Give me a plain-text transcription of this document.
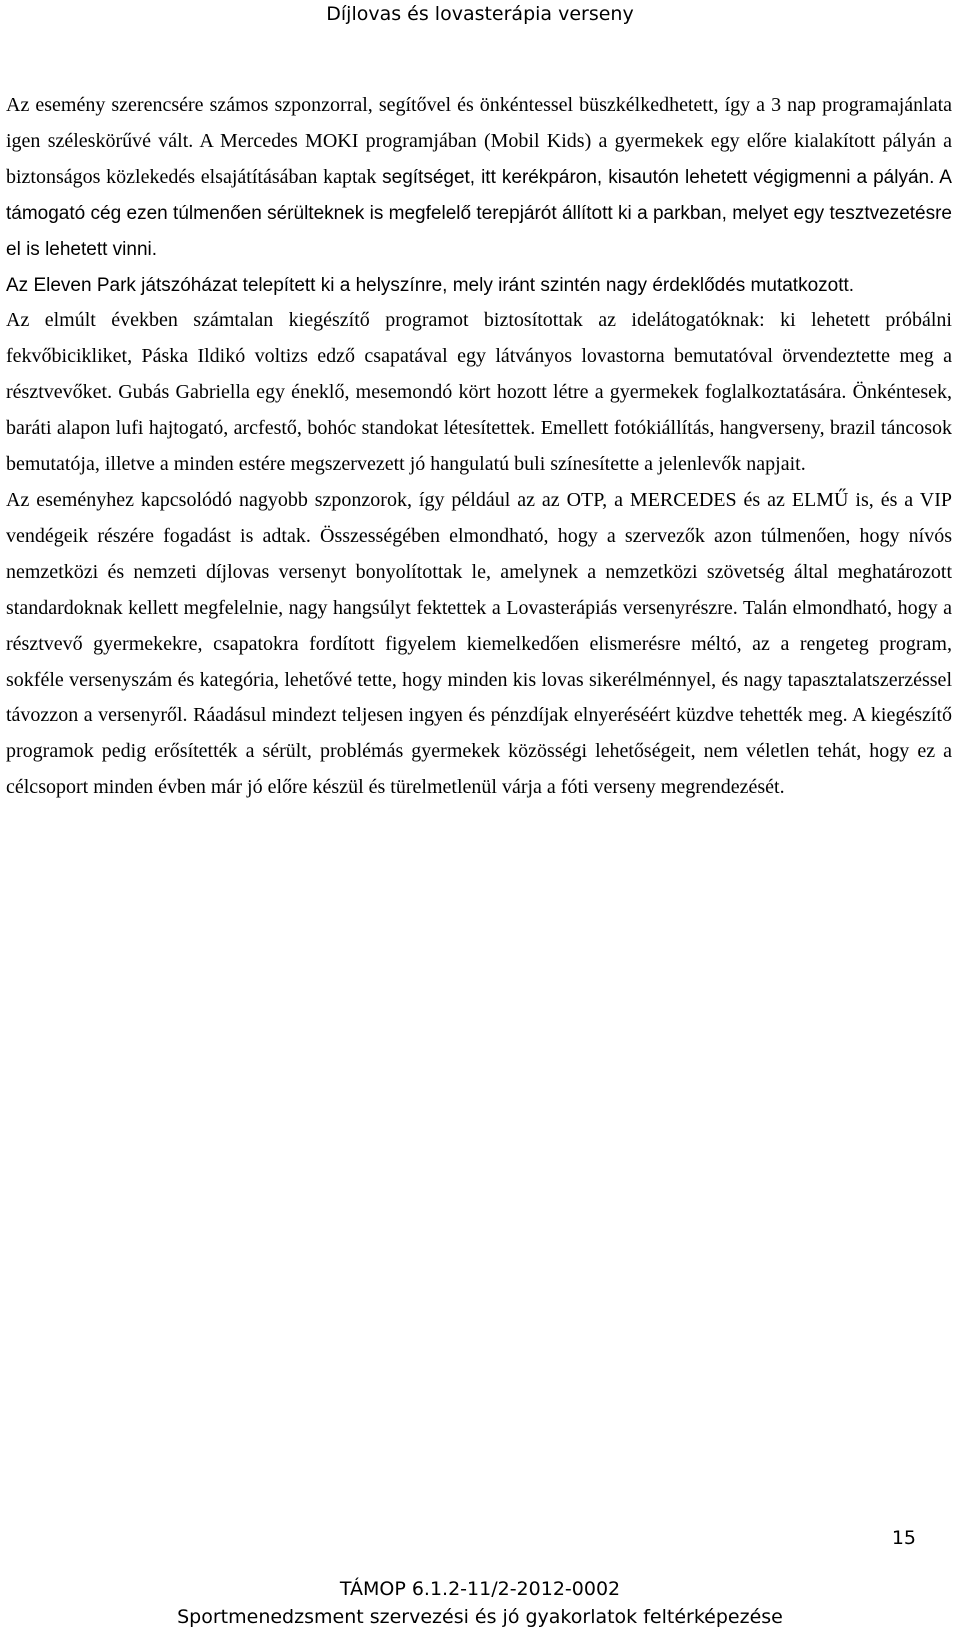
Díjlovas és lovasterápia verseny

Az esemény szerencsére számos szponzorral, segítővel és önkéntessel büszkélkedhetett, így a 3 nap programajánlata igen széleskörűvé vált. A Mercedes MOKI programjában (Mobil Kids) a gyermekek egy előre kialakított pályán a biztonságos közlekedés elsajátításában kaptak segítséget, itt kerékpáron, kisautón lehetett végigmenni a pályán. A támogató cég ezen túlmenően sérülteknek is megfelelő terepjárót állított ki a parkban, melyet egy tesztvezetésre el is lehetett vinni.

Az Eleven Park játszóházat telepített ki a helyszínre, mely iránt szintén nagy érdeklődés mutatkozott.

Az elmúlt években számtalan kiegészítő programot biztosítottak az idelátogatóknak: ki lehetett próbálni fekvőbicikliket, Páska Ildikó voltizs edző csapatával egy látványos lovastorna bemutatóval örvendeztette meg a résztvevőket. Gubás Gabriella egy éneklő, mesemondó kört hozott létre a gyermekek foglalkoztatására. Önkéntesek, baráti alapon lufi hajtogató, arcfestő, bohóc standokat létesítettek. Emellett fotókiállítás, hangverseny, brazil táncosok bemutatója, illetve a minden estére megszervezett jó hangulatú buli színesítette a jelenlevők napjait.

Az eseményhez kapcsolódó nagyobb szponzorok, így például az az OTP, a MERCEDES és az ELMŰ is, és a VIP vendégeik részére fogadást is adtak. Összességében elmondható, hogy a szervezők azon túlmenően, hogy nívós nemzetközi és nemzeti díjlovas versenyt bonyolítottak le, amelynek a nemzetközi szövetség által meghatározott standardoknak kellett megfelelnie, nagy hangsúlyt fektettek a Lovasterápiás versenyrészre. Talán elmondható, hogy a résztvevő gyermekekre, csapatokra fordított figyelem kiemelkedően elismerésre méltó, az a rengeteg program, sokféle versenyszám és kategória, lehetővé tette, hogy minden kis lovas sikerélménnyel, és nagy tapasztalatszerzéssel távozzon a versenyről. Ráadásul mindezt teljesen ingyen és pénzdíjak elnyeréséért küzdve tehették meg. A kiegészítő programok pedig erősítették a sérült, problémás gyermekek közösségi lehetőségeit, nem véletlen tehát, hogy ez a célcsoport minden évben már jó előre készül és türelmetlenül várja a fóti verseny megrendezését.

15
TÁMOP 6.1.2-11/2-2012-0002
Sportmenedzsment szervezési és jó gyakorlatok feltérképezése
